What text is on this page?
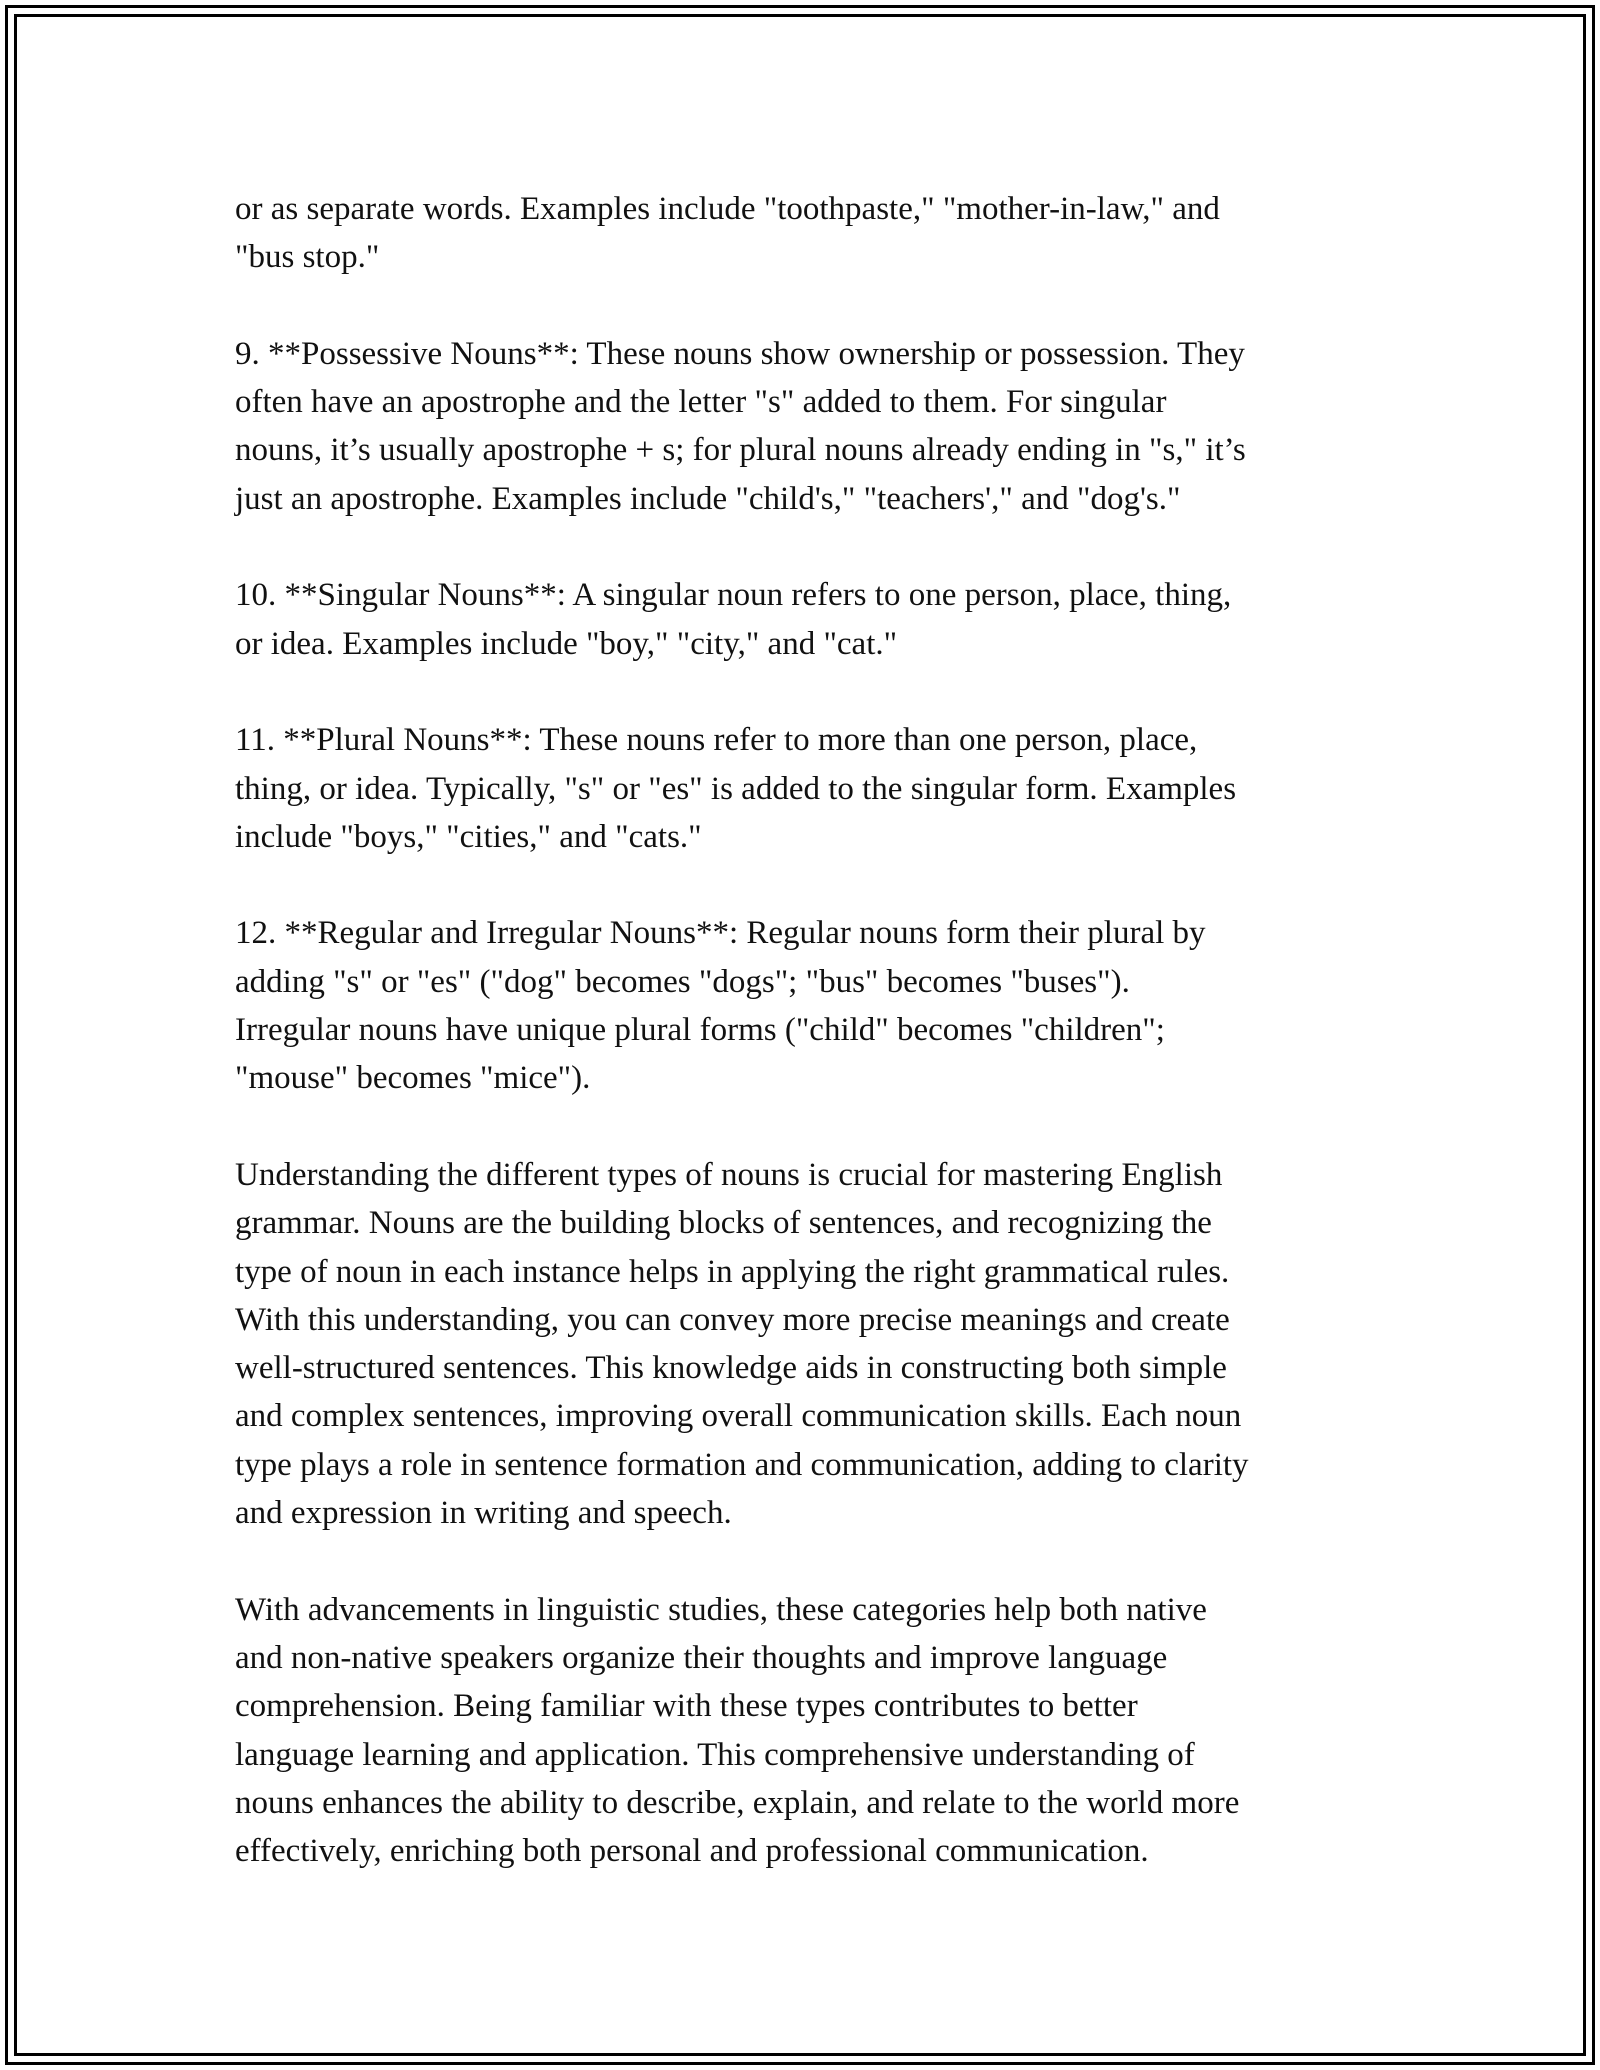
or as separate words. Examples include "toothpaste," "mother-in-law," and
"bus stop."

9. **Possessive Nouns**: These nouns show ownership or possession. They
often have an apostrophe and the letter "s" added to them. For singular
nouns, it’s usually apostrophe + s; for plural nouns already ending in "s," it’s
just an apostrophe. Examples include "child's," "teachers'," and "dog's."

10. **Singular Nouns**: A singular noun refers to one person, place, thing,
or idea. Examples include "boy," "city," and "cat."

11. **Plural Nouns**: These nouns refer to more than one person, place,
thing, or idea. Typically, "s" or "es" is added to the singular form. Examples
include "boys," "cities," and "cats."

12. **Regular and Irregular Nouns**: Regular nouns form their plural by
adding "s" or "es" ("dog" becomes "dogs"; "bus" becomes "buses").
Irregular nouns have unique plural forms ("child" becomes "children";
"mouse" becomes "mice").

Understanding the different types of nouns is crucial for mastering English
grammar. Nouns are the building blocks of sentences, and recognizing the
type of noun in each instance helps in applying the right grammatical rules.
With this understanding, you can convey more precise meanings and create
well-structured sentences. This knowledge aids in constructing both simple
and complex sentences, improving overall communication skills. Each noun
type plays a role in sentence formation and communication, adding to clarity
and expression in writing and speech.

With advancements in linguistic studies, these categories help both native
and non-native speakers organize their thoughts and improve language
comprehension. Being familiar with these types contributes to better
language learning and application. This comprehensive understanding of
nouns enhances the ability to describe, explain, and relate to the world more
effectively, enriching both personal and professional communication.
